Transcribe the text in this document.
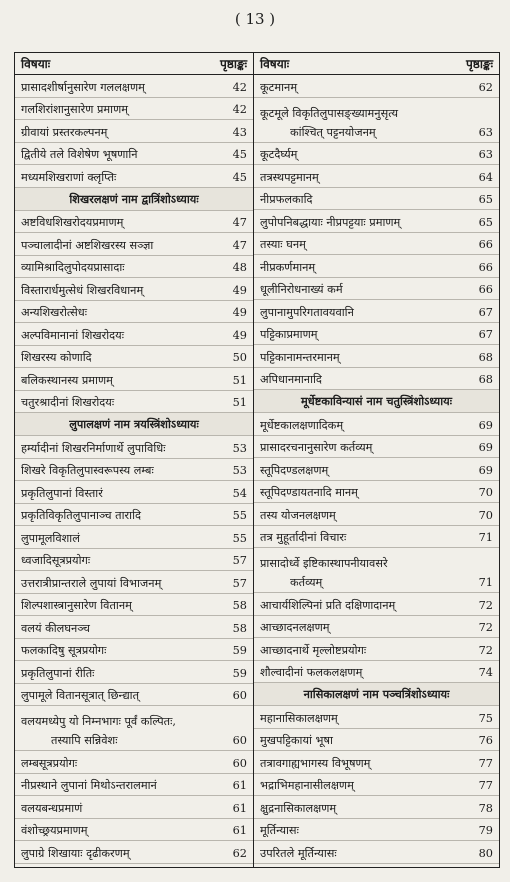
( 13 )
विषयाः	पृष्ठाङ्कः
प्रासादशीर्षानुसारेण गललक्षणम्	42
गलशिरांशानुसारेण प्रमाणम्	42
ग्रीवायां प्रस्तरकल्पनम्	43
द्वितीये तले विशेषेण भूषणानि	45
मध्यमशिखराणां क्लृप्तिः	45
शिखरलक्षणं नाम द्वात्रिंशोऽध्यायः
अष्टविधशिखरोदयप्रमाणम्	47
पञ्चालादीनां अष्टशिखरस्य सञ्ज्ञा	47
व्यामिश्रादिलुपोदयप्रासादाः	48
विस्तारार्धमुत्सेधं शिखरविधानम्	49
अन्यशिखरोत्सेधः	49
अल्पविमानानां शिखरोदयः	49
शिखरस्य कोणादि	50
बलिकस्थानस्य प्रमाणम्	51
चतुरश्रादीनां शिखरोदयः	51
लुपालक्षणं नाम त्रयस्त्रिंशोऽध्यायः
हर्म्यादीनां शिखरनिर्माणार्थे लुपाविधिः	53
शिखरे विकृतिलुपास्वरूपस्य लम्बः	53
प्रकृतिलुपानां विस्तारं	54
प्रकृतिविकृतिलुपानाञ्च तारादि	55
लुपामूलविशालं	55
ध्वजादिसूत्रप्रयोगः	57
उत्तरात्रीप्रान्तराले लुपायां विभाजनम्	57
शिल्पशास्त्रानुसारेण वितानम्	58
वलयं कीलघनञ्च	58
फलकादिषु सूत्रप्रयोगः	59
प्रकृतिलुपानां रीतिः	59
लुपामूले वितानसूत्रात् छिन्द्यात्	60
वलयमध्येपु यो निम्नभागः पूर्वं कल्पितः,
तस्यापि सन्निवेशः	60
लम्बसूत्रप्रयोगः	60
नीप्रस्थाने लुपानां मिथोऽन्तरालमानं	61
वलयबन्धप्रमाणं	61
वंशोच्छ्रयप्रमाणम्	61
लुपाग्रे शिखायाः दृढीकरणम्	62
विषयाः	पृष्ठाङ्कः
कूटमानम्	62
कूटमूले विकृतिलुपासङ्ख्यामनुसृत्य
कांश्चित् पट्टनयोजनम्	63
कूटदैर्घ्यम्	63
तत्रस्थपट्टमानम्	64
नीप्रफलकादि	65
लुपोपनिबद्धायाः नीप्रपट्टयाः प्रमाणम्	65
तस्याः घनम्	66
नीप्रकर्णमानम्	66
धूलीनिरोधनाख्यं कर्म	66
लुपानामुपरिगतावयवानि	67
पट्टिकाप्रमाणम्	67
पट्टिकानामन्तरमानम्	68
अपिधानमानादि	68
मूर्धेष्टकाविन्यासं नाम चतुस्त्रिंशोऽध्यायः
मूर्धेष्टकालक्षणादिकम्	69
प्रासादरचनानुसारेण कर्तव्यम्	69
स्तूपिदण्डलक्षणम्	69
स्तूपिदण्डायतनादि मानम्	70
तस्य योजनलक्षणम्	70
तत्र मुहूर्तादीनां विचारः	71
प्रासादोर्ध्वे इष्टिकास्थापनीयावसरे
कर्तव्यम्	71
आचार्यशिल्पिनां प्रति दक्षिणादानम्	72
आच्छादनलक्षणम्	72
आच्छादनार्थे मृल्लोष्टप्रयोगः	72
शौल्वादीनां फलकलक्षणम्	74
नासिकालक्षणं नाम पञ्चत्रिंशोऽध्यायः
महानासिकालक्षणम्	75
मुखपट्टिकायां भूषा	76
तत्रावगाह्यभागस्य विभूषणम्	77
भद्राभिमहानासीलक्षणम्	77
क्षुद्रनासिकालक्षणम्	78
मूर्तिन्यासः	79
उपरितले मूर्तिन्यासः	80
